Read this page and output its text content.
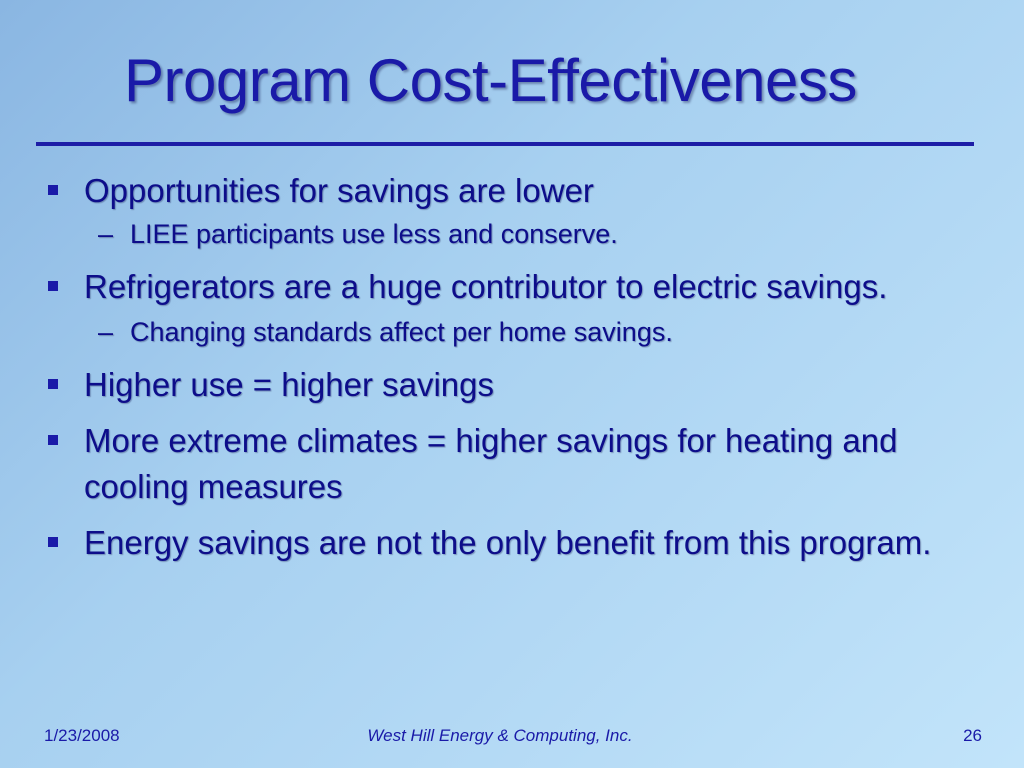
Program Cost-Effectiveness
Opportunities for savings are lower
– LIEE participants use less and conserve.
Refrigerators are a huge contributor to electric savings.
– Changing standards affect per home savings.
Higher use = higher savings
More extreme climates = higher savings for heating and cooling measures
Energy savings are not the only benefit from this program.
1/23/2008	West Hill Energy & Computing, Inc.	26
